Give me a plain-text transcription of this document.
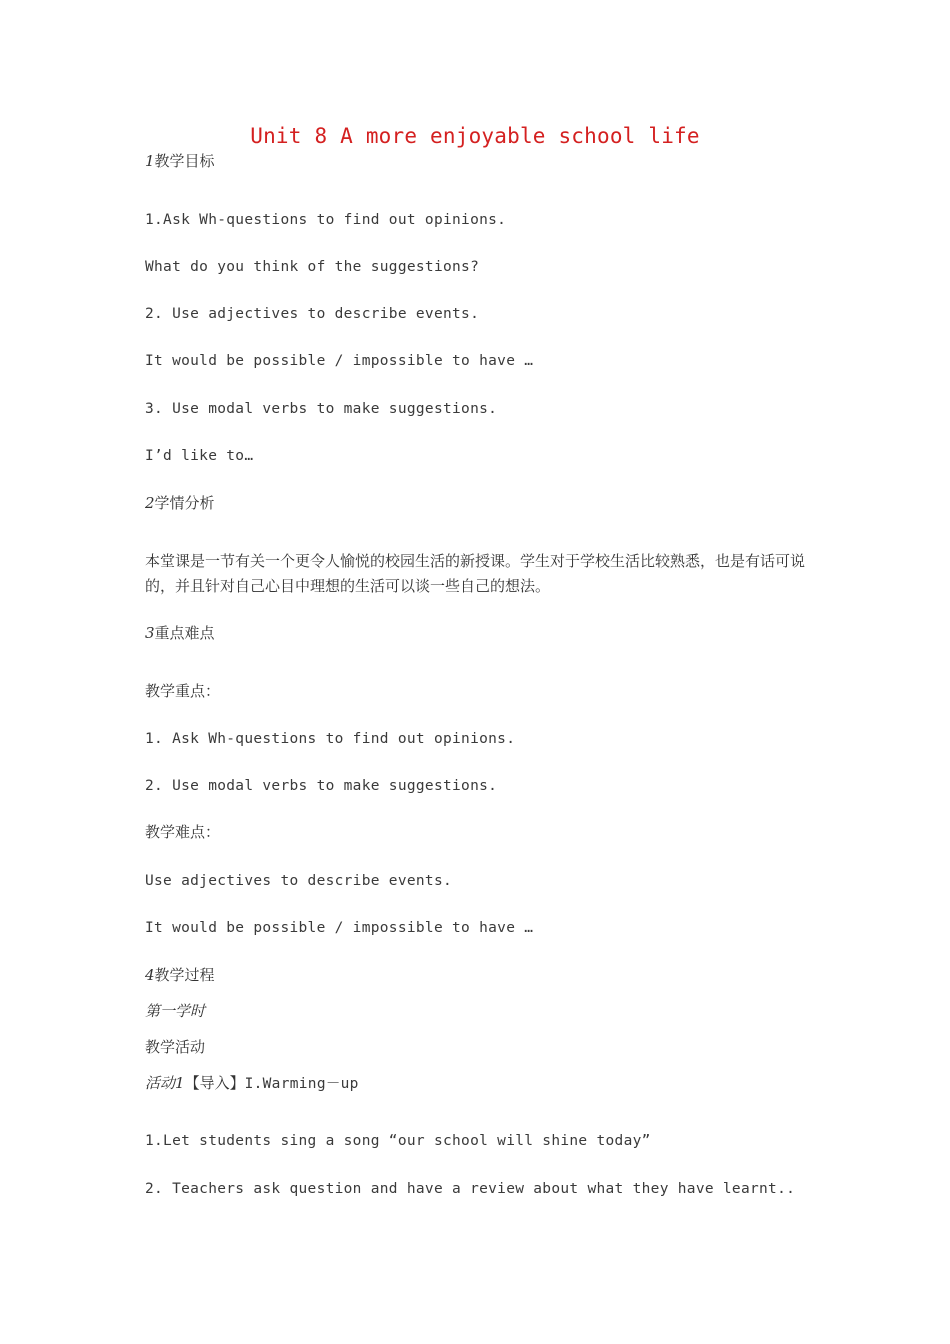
Unit 8 A more enjoyable school life
1教学目标
1.Ask Wh-questions to find out opinions.
What do you think of the suggestions?
2. Use adjectives to describe events.
It would be possible / impossible to have …
3. Use modal verbs to make suggestions.
I’d like to…
2学情分析
本堂课是一节有关一个更令人愉悦的校园生活的新授课。学生对于学校生活比较熟悉，也是有话可说的，并且针对自己心目中理想的生活可以谈一些自己的想法。
3重点难点
教学重点：
1. Ask Wh-questions to find out opinions.
2. Use modal verbs to make suggestions.
教学难点：
Use adjectives to describe events.
It would be possible / impossible to have …
4教学过程
第一学时
教学活动
活动1【导入】I.Warming－up
1.Let students sing a song “our school will shine today”
2. Teachers ask question and have a review about what they have learnt..
